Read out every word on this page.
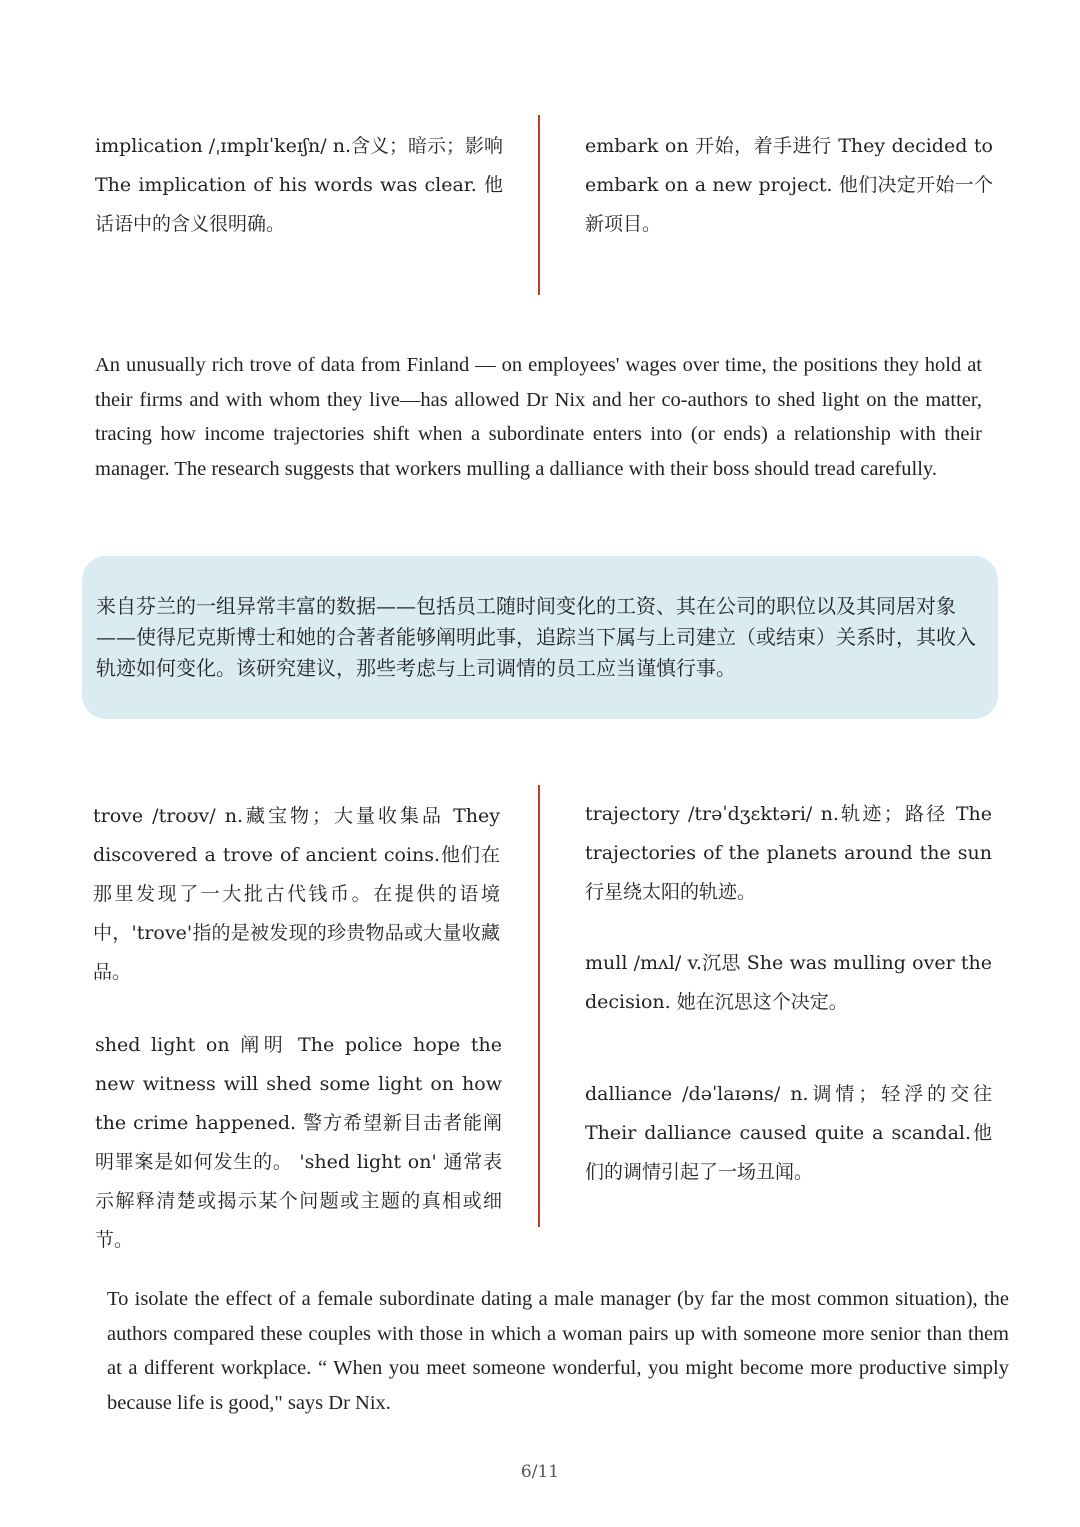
implication /ˌɪmplɪˈkeɪʃn/ n.含义；暗示；影响 The implication of his words was clear. 他话语中的含义很明确。

embark on 开始，着手进行 They decided to embark on a new project. 他们决定开始一个新项目。

An unusually rich trove of data from Finland — on employees' wages over time, the positions they hold at their firms and with whom they live—has allowed Dr Nix and her co-authors to shed light on the matter, tracing how income trajectories shift when a subordinate enters into (or ends) a relationship with their manager. The research suggests that workers mulling a dalliance with their boss should tread carefully.

来自芬兰的一组异常丰富的数据——包括员工随时间变化的工资、其在公司的职位以及其同居对象——使得尼克斯博士和她的合著者能够阐明此事，追踪当下属与上司建立（或结束）关系时，其收入轨迹如何变化。该研究建议，那些考虑与上司调情的员工应当谨慎行事。

trove /troʊv/ n.藏宝物；大量收集品 They discovered a trove of ancient coins.他们在那里发现了一大批古代钱币。在提供的语境中，'trove'指的是被发现的珍贵物品或大量收藏品。

shed light on 阐明 The police hope the new witness will shed some light on how the crime happened. 警方希望新目击者能阐明罪案是如何发生的。 'shed light on' 通常表示解释清楚或揭示某个问题或主题的真相或细节。

trajectory /trəˈdʒɛktəri/ n.轨迹；路径 The trajectories of the planets around the sun 行星绕太阳的轨迹。

mull /mʌl/ v.沉思 She was mulling over the decision. 她在沉思这个决定。

dalliance /dəˈlaɪəns/ n.调情；轻浮的交往 Their dalliance caused quite a scandal.他们的调情引起了一场丑闻。

To isolate the effect of a female subordinate dating a male manager (by far the most common situation), the authors compared these couples with those in which a woman pairs up with someone more senior than them at a different workplace. “ When you meet someone wonderful, you might become more productive simply because life is good," says Dr Nix.

6/11
